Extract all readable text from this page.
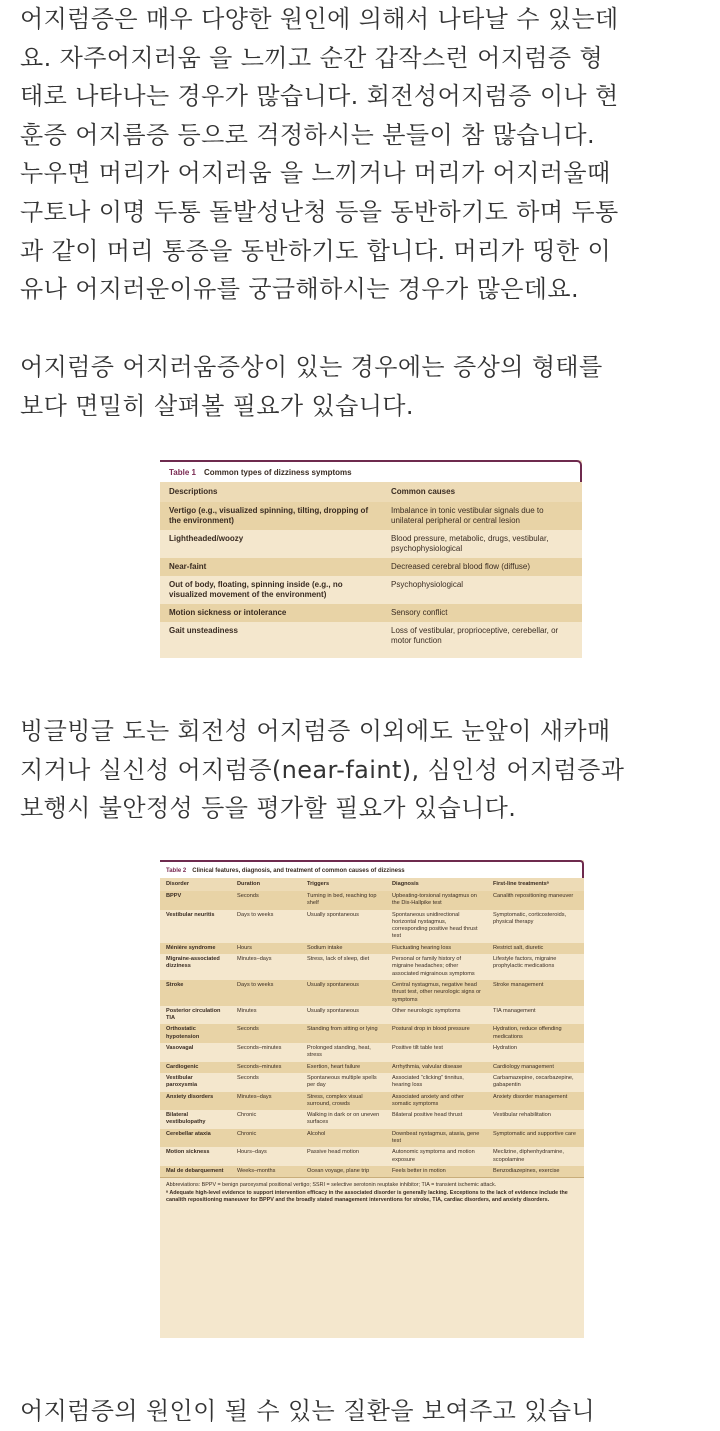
어지럼증은 매우 다양한 원인에 의해서 나타날 수 있는데
요. 자주어지러움 을 느끼고 순간 갑작스런 어지럼증 형
태로 나타나는 경우가 많습니다. 회전성어지럼증 이나 현
훈증 어지름증 등으로 걱정하시는 분들이 참 많습니다.
누우면 머리가 어지러움 을 느끼거나 머리가 어지러울때
구토나 이명 두통 돌발성난청 등을 동반하기도 하며 두통
과 같이 머리 통증을 동반하기도 합니다. 머리가 띵한 이
유나 어지러운이유를 궁금해하시는 경우가 많은데요.
어지럼증 어지러움증상이 있는 경우에는 증상의 형태를
보다 면밀히 살펴볼 필요가 있습니다.
Table 1 Common types of dizziness symptoms
Descriptions	Common causes
Vertigo (e.g., visualized spinning, tilting, dropping of the environment)	Imbalance in tonic vestibular signals due to unilateral peripheral or central lesion
Lightheaded/woozy	Blood pressure, metabolic, drugs, vestibular, psychophysiological
Near-faint	Decreased cerebral blood flow (diffuse)
Out of body, floating, spinning inside (e.g., no visualized movement of the environment)	Psychophysiological
Motion sickness or intolerance	Sensory conflict
Gait unsteadiness	Loss of vestibular, proprioceptive, cerebellar, or motor function
빙글빙글 도는 회전성 어지럼증 이외에도 눈앞이 새카매
지거나 실신성 어지럼증(near-faint), 심인성 어지럼증과
보행시 불안정성 등을 평가할 필요가 있습니다.
Table 2 Clinical features, diagnosis, and treatment of common causes of dizziness
Disorder	Duration	Triggers	Diagnosis	First-line treatmentsᵃ
BPPV	Seconds	Turning in bed, reaching top shelf	Upbeating-torsional nystagmus on the Dix-Hallpike test	Canalith repositioning maneuver
Vestibular neuritis	Days to weeks	Usually spontaneous	Spontaneous unidirectional horizontal nystagmus, corresponding positive head thrust test	Symptomatic, corticosteroids, physical therapy
Ménière syndrome	Hours	Sodium intake	Fluctuating hearing loss	Restrict salt, diuretic
Migraine-associated dizziness	Minutes–days	Stress, lack of sleep, diet	Personal or family history of migraine headaches; other associated migrainous symptoms	Lifestyle factors, migraine prophylactic medications
Stroke	Days to weeks	Usually spontaneous	Central nystagmus, negative head thrust test, other neurologic signs or symptoms	Stroke management
Posterior circulation TIA	Minutes	Usually spontaneous	Other neurologic symptoms	TIA management
Orthostatic hypotension	Seconds	Standing from sitting or lying	Postural drop in blood pressure	Hydration, reduce offending medications
Vasovagal	Seconds–minutes	Prolonged standing, heat, stress	Positive tilt table test	Hydration
Cardiogenic	Seconds–minutes	Exertion, heart failure	Arrhythmia, valvular disease	Cardiology management
Vestibular paroxysmia	Seconds	Spontaneous multiple spells per day	Associated “clicking” tinnitus, hearing loss	Carbamazepine, oxcarbazepine, gabapentin
Anxiety disorders	Minutes–days	Stress, complex visual surround, crowds	Associated anxiety and other somatic symptoms	Anxiety disorder management
Bilateral vestibulopathy	Chronic	Walking in dark or on uneven surfaces	Bilateral positive head thrust	Vestibular rehabilitation
Cerebellar ataxia	Chronic	Alcohol	Downbeat nystagmus, ataxia, gene test	Symptomatic and supportive care
Motion sickness	Hours–days	Passive head motion	Autonomic symptoms and motion exposure	Meclizine, diphenhydramine, scopolamine
Mal de debarquement	Weeks–months	Ocean voyage, plane trip	Feels better in motion	Benzodiazepines, exercise

Abbreviations: BPPV = benign paroxysmal positional vertigo; SSRI = selective serotonin reuptake inhibitor; TIA = transient ischemic attack.

ᵃ Adequate high-level evidence to support intervention efficacy in the associated disorder is generally lacking. Exceptions to the lack of evidence include the canalith repositioning maneuver for BPPV and the broadly stated management interventions for stroke, TIA, cardiac disorders, and anxiety disorders.

어지럼증의 원인이 될 수 있는 질환을 보여주고 있습니
